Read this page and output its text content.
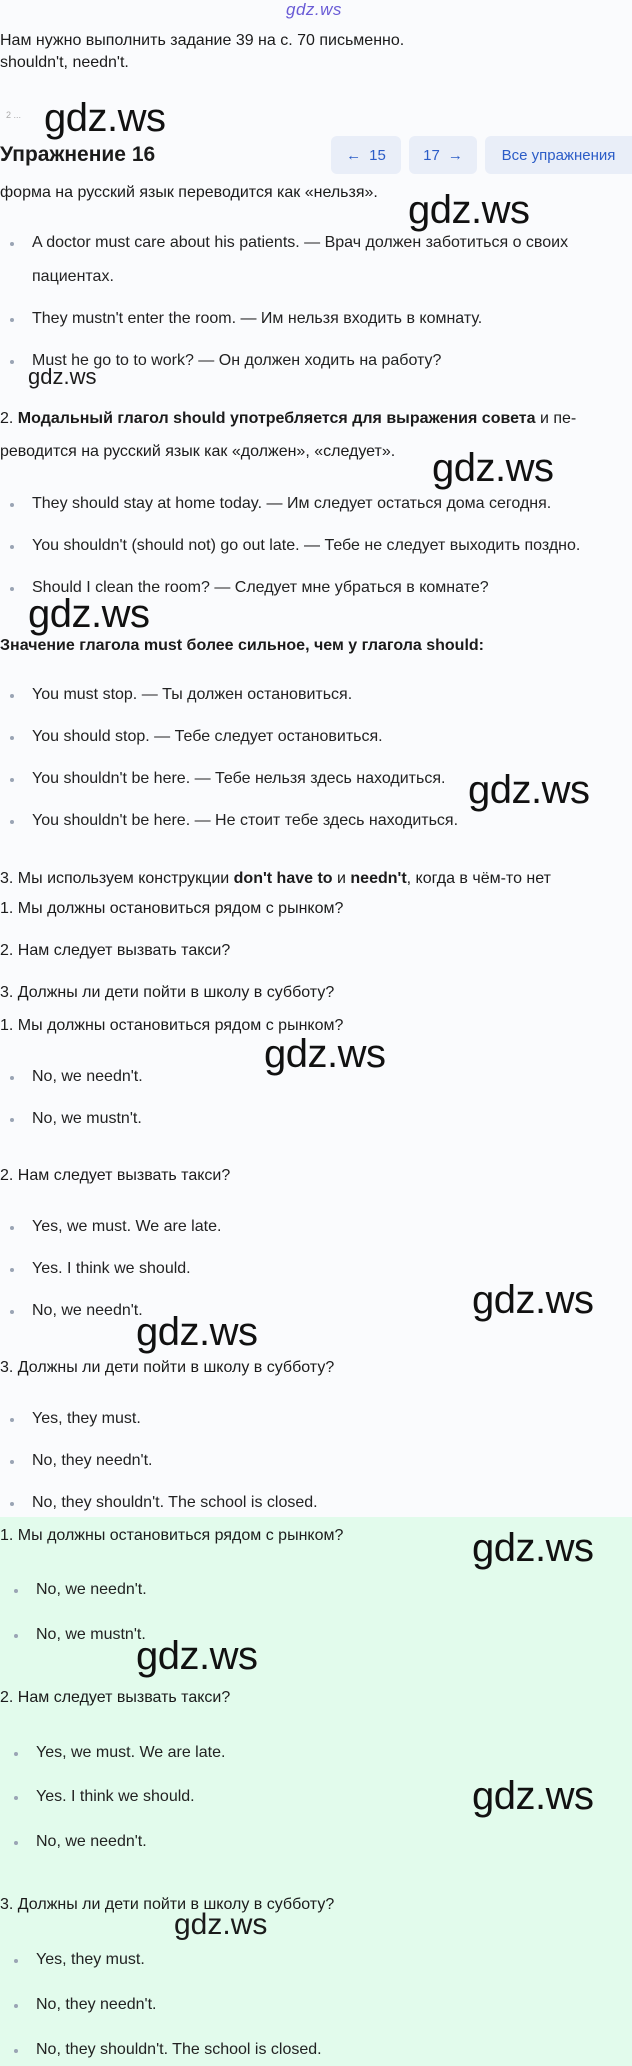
gdz.ws
Нам нужно выполнить задание 39 на с. 70 письменно.
shouldn't, needn't.
2 ... gdz.ws
Упражнение 16	← 15 17 →	Все упражнения
форма на русский язык переводится как «нельзя». gdz.ws
A doctor must care about his patients. — Врач должен заботиться о своих
пациентах.
They mustn't enter the room. — Им нельзя входить в комнату.
Must he go to to work? — Он должен ходить на работу?
gdz.ws
2. Модальный глагол should употребляется для выражения совета и пе-
реводится на русский язык как «должен», «следует». gdz.ws
They should stay at home today. — Им следует остаться дома сегодня.
You shouldn't (should not) go out late. — Тебе не следует выходить поздно.
Should I clean the room? — Следует мне убраться в комнате?
gdz.ws
Значение глагола must более сильное, чем у глагола should:
You must stop. — Ты должен остановиться.
You should stop. — Тебе следует остановиться.
You shouldn't be here. — Тебе нельзя здесь находиться. gdz.ws
You shouldn't be here. — Не стоит тебе здесь находиться.
3. Мы используем конструкции don't have to и needn't, когда в чём-то нет
1. Мы должны остановиться рядом с рынком?
2. Нам следует вызвать такси?
3. Должны ли дети пойти в школу в субботу?
1. Мы должны остановиться рядом с рынком?
gdz.ws
No, we needn't.
No, we mustn't.
2. Нам следует вызвать такси?
Yes, we must. We are late.
Yes. I think we should.
No, we needn't.	gdz.ws
gdz.ws
3. Должны ли дети пойти в школу в субботу?
Yes, they must.
No, they needn't.
No, they shouldn't. The school is closed.
1. Мы должны остановиться рядом с рынком?	gdz.ws
No, we needn't.
No, we mustn't.
gdz.ws
2. Нам следует вызвать такси?
Yes, we must. We are late.
Yes. I think we should.	gdz.ws
No, we needn't.
3. Должны ли дети пойти в школу в субботу?
gdz.ws
Yes, they must.
No, they needn't.
No, they shouldn't. The school is closed.
